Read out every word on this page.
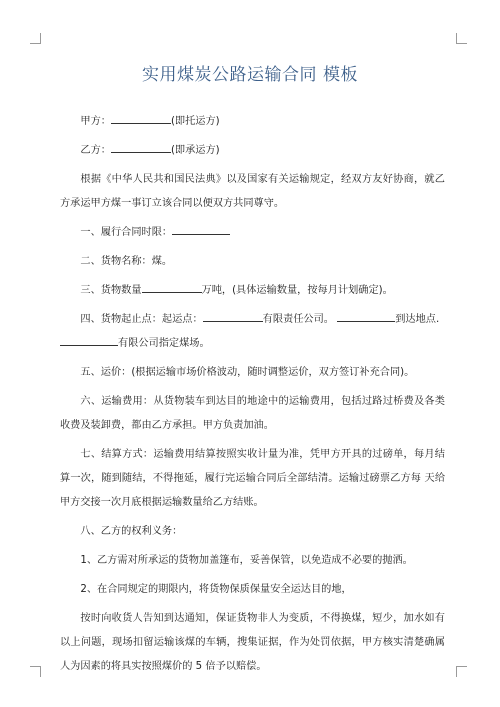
实用煤炭公路运输合同 模板

甲方：	(即托运方)

乙方：	(即承运方)

根据《中华人民共和国民法典》以及国家有关运输规定，经双方友好协商，就乙方承运甲方煤一事订立该合同以便双方共同尊守。

一、履行合同时限：

二、货物名称：煤。

三、货物数量	万吨，(具体运输数量，按每月计划确定)。

四、货物起止点：起运点：	有限责任公司。	到达地点.
有限公司指定煤场。

五、运价：(根据运输市场价格波动，随时调整运价，双方签订补充合同)。

六、运输费用：从货物装车到达目的地途中的运输费用，包括过路过桥费及各类收费及装卸费，都由乙方承担。甲方负责加油。

七、结算方式：运输费用结算按照实收计量为准，凭甲方开具的过磅单，每月结算一次，随到随结，不得拖延，履行完运输合同后全部结清。运输过磅票乙方每 天给甲方交接一次月底根据运输数量给乙方结账。

八、乙方的权利义务：

1、乙方需对所承运的货物加盖篷布，妥善保管，以免造成不必要的抛洒。

2、在合同规定的期限内，将货物保质保量安全运达目的地，

按时向收货人告知到达通知，保证货物非人为变质，不得换煤，短少，加水如有以上问题，现场扣留运输该煤的车辆，搜集证据，作为处罚依据，甲方核实清楚确属人为因素的将具实按照煤价的 5 倍予以赔偿。
